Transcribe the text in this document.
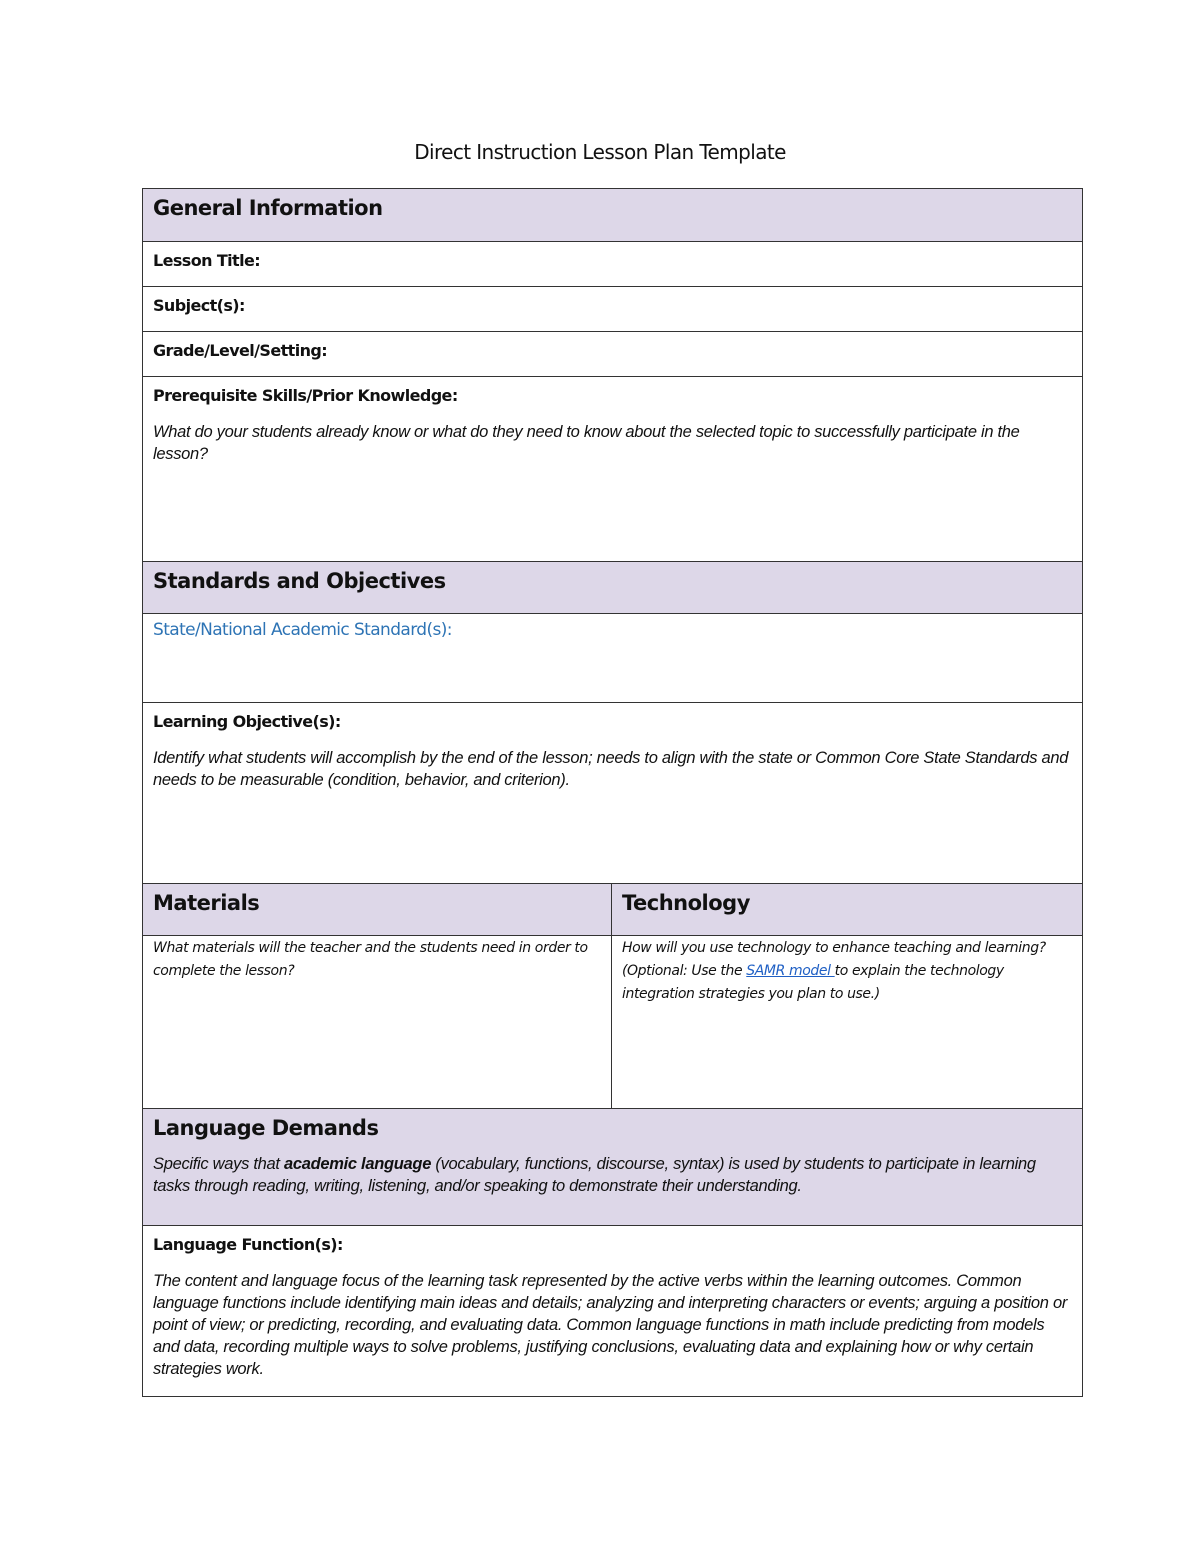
Direct Instruction Lesson Plan Template
General Information	

Lesson Title:	

Subject(s):	

Grade/Level/Setting:	

Prerequisite Skills/Prior Knowledge:
What do your students already know or what do they need to know about the selected topic to successfully participate in the lesson?	

Standards and Objectives	

State/National Academic Standard(s):	

Learning Objective(s):
Identify what students will accomplish by the end of the lesson; needs to align with the state or Common Core State Standards and needs to be measurable (condition, behavior, and criterion).	

Materials	Technology

What materials will the teacher and the students need in order to complete the lesson?	How will you use technology to enhance teaching and learning? (Optional: Use the SAMR model to explain the technology integration strategies you plan to use.)

Language Demands
Specific ways that academic language (vocabulary, functions, discourse, syntax) is used by students to participate in learning tasks through reading, writing, listening, and/or speaking to demonstrate their understanding.	

Language Function(s):
The content and language focus of the learning task represented by the active verbs within the learning outcomes. Common language functions include identifying main ideas and details; analyzing and interpreting characters or events; arguing a position or point of view; or predicting, recording, and evaluating data. Common language functions in math include predicting from models and data, recording multiple ways to solve problems, justifying conclusions, evaluating data and explaining how or why certain strategies work.	
